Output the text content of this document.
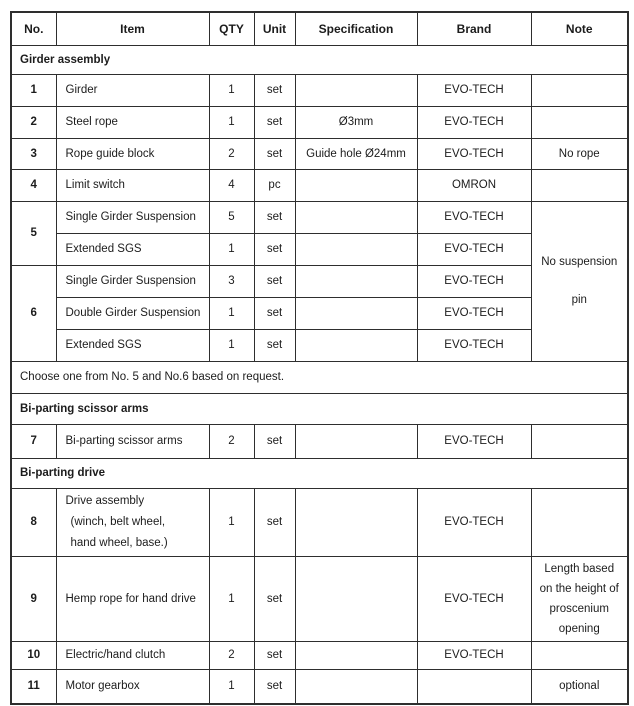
No.	Item	QTY	Unit	Specification	Brand	Note
Girder assembly						
1	Girder	1	set		EVO-TECH	
2	Steel rope	1	set	Ø3mm	EVO-TECH	
3	Rope guide block	2	set	Guide hole Ø24mm	EVO-TECH	No rope
4	Limit switch	4	pc		OMRON	
5	Single Girder Suspension	5	set		EVO-TECH	No suspension pin
	Extended SGS	1	set		EVO-TECH	
6	Single Girder Suspension	3	set		EVO-TECH	
	Double Girder Suspension	1	set		EVO-TECH	
	Extended SGS	1	set		EVO-TECH	
Choose one from No. 5 and No.6 based on request.						
Bi-parting scissor arms						
7	Bi-parting scissor arms	2	set		EVO-TECH	
Bi-parting drive						
8	Drive assembly
(winch, belt wheel,
hand wheel, base.)	1	set		EVO-TECH	
9	Hemp rope for hand drive	1	set		EVO-TECH	Length based on the height of proscenium opening
10	Electric/hand clutch	2	set		EVO-TECH	
11	Motor gearbox	1	set			optional
